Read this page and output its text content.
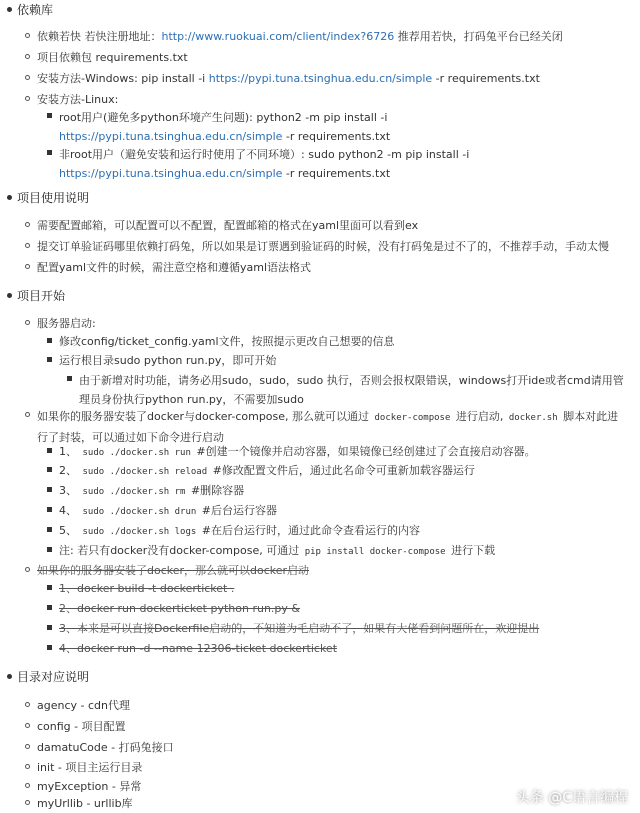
依赖库
依赖若快 若快注册地址：http://www.ruokuai.com/client/index?6726 推荐用若快，打码兔平台已经关闭
项目依赖包 requirements.txt
安装方法-Windows: pip install -i https://pypi.tuna.tsinghua.edu.cn/simple -r requirements.txt
安装方法-Linux:
root用户(避免多python环境产生问题): python2 -m pip install -i https://pypi.tuna.tsinghua.edu.cn/simple -r requirements.txt
非root用户（避免安装和运行时使用了不同环境）: sudo python2 -m pip install -i https://pypi.tuna.tsinghua.edu.cn/simple -r requirements.txt
项目使用说明
需要配置邮箱，可以配置可以不配置，配置邮箱的格式在yaml里面可以看到ex
提交订单验证码哪里依赖打码兔，所以如果是订票遇到验证码的时候，没有打码兔是过不了的，不推荐手动，手动太慢
配置yaml文件的时候，需注意空格和遵循yaml语法格式
项目开始
服务器启动:
修改config/ticket_config.yaml文件，按照提示更改自己想要的信息
运行根目录sudo python run.py，即可开始
由于新增对时功能，请务必用sudo，sudo，sudo 执行，否则会报权限错误，windows打开ide或者cmd请用管理员身份执行python run.py，不需要加sudo
如果你的服务器安装了docker与docker-compose, 那么就可以通过 docker-compose 进行启动, docker.sh 脚本对此进行了封装，可以通过如下命令进行启动
1、 sudo ./docker.sh run #创建一个镜像并启动容器，如果镜像已经创建过了会直接启动容器。
2、 sudo ./docker.sh reload #修改配置文件后，通过此名命令可重新加载容器运行
3、 sudo ./docker.sh rm #删除容器
4、 sudo ./docker.sh drun #后台运行容器
5、 sudo ./docker.sh logs #在后台运行时，通过此命令查看运行的内容
注: 若只有docker没有docker-compose, 可通过 pip install docker-compose 进行下载
如果你的服务器安装了docker，那么就可以docker启动
1、docker build -t dockerticket .
2、docker run dockerticket python run.py &
3、本来是可以直接Dockerfile启动的，不知道为毛启动不了，如果有大佬看到问题所在，欢迎提出
4、docker run -d --name 12306-ticket dockerticket
目录对应说明
agency - cdn代理
config - 项目配置
damatuCode - 打码兔接口
init - 项目主运行目录
myException - 异常
myUrllib - urllib库	头条 @C语言编程
